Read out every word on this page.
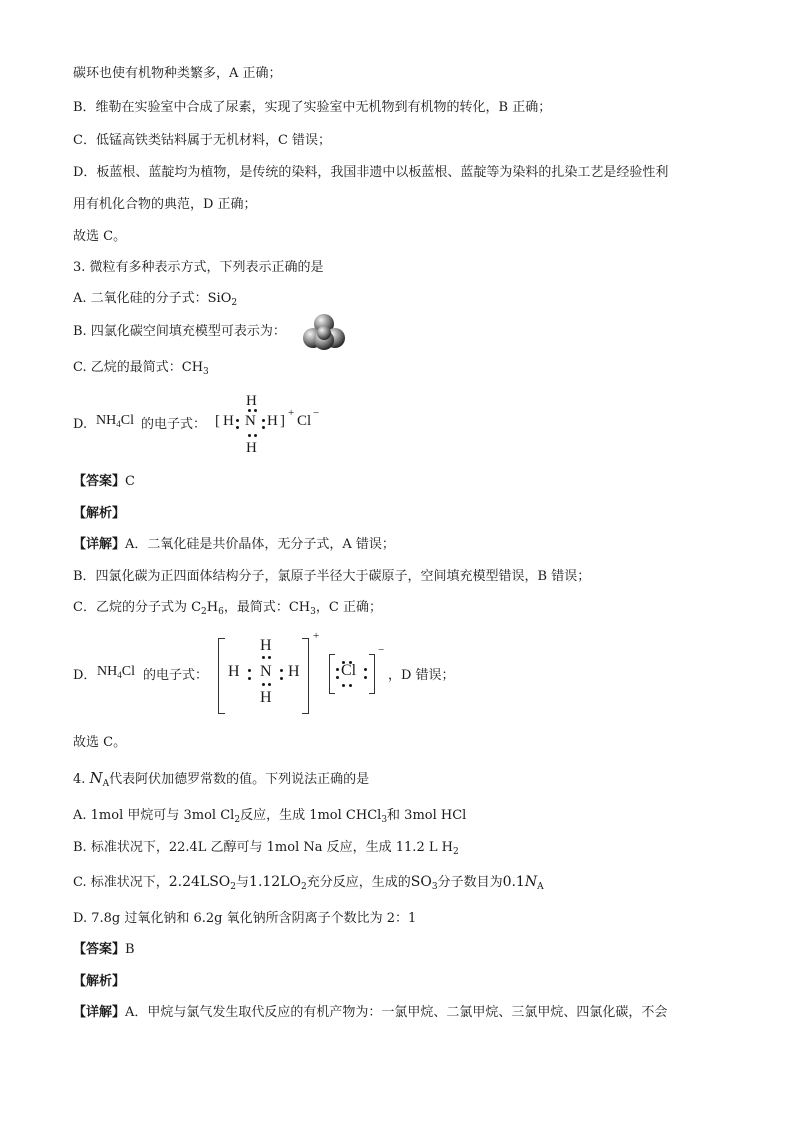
碳环也使有机物种类繁多，A 正确；
B．维勒在实验室中合成了尿素，实现了实验室中无机物到有机物的转化，B 正确；
C．低锰高铁类钴料属于无机材料，C 错误；
D．板蓝根、蓝靛均为植物，是传统的染料，我国非遗中以板蓝根、蓝靛等为染料的扎染工艺是经验性利
用有机化合物的典范，D 正确；
故选 C。
3. 微粒有多种表示方式，下列表示正确的是
A. 二氧化硅的分子式：SiO$_2$
B. 四氯化碳空间填充模型可表示为：
C. 乙烷的最简式：$CH_3$
D. $NH_4Cl$ 的电子式： [ H N
H
H
H ] + Cl −
【答案】C
【解析】
【详解】A．二氧化硅是共价晶体，无分子式，A 错误；
B．四氯化碳为正四面体结构分子，氯原子半径大于碳原子，空间填充模型错误，B 错误；
C．乙烷的分子式为 $C_2H_6$，最简式：$CH_3$，C 正确；
D． $NH_4Cl$ 的电子式： H
H
N
H
H
+
Cl
−
，D 错误；
故选 C。
4. $N_A$代表阿伏加德罗常数的值。下列说法正确的是
A. 1mol 甲烷可与 3mol $Cl_2$反应，生成 1mol CHCl$_3$和 3mol HCl
B. 标准状况下，22.4L 乙醇可与 1mol Na 反应，生成 11.2 L $H_2$
C. 标准状况下，$2.24LSO_2$与$1.12LO_2$充分反应，生成的$SO_3$分子数目为$0.1N_A$
D. 7.8g 过氧化钠和 6.2g 氧化钠所含阴离子个数比为 2：1
【答案】B
【解析】
【详解】A．甲烷与氯气发生取代反应的有机产物为：一氯甲烷、二氯甲烷、三氯甲烷、四氯化碳，不会
